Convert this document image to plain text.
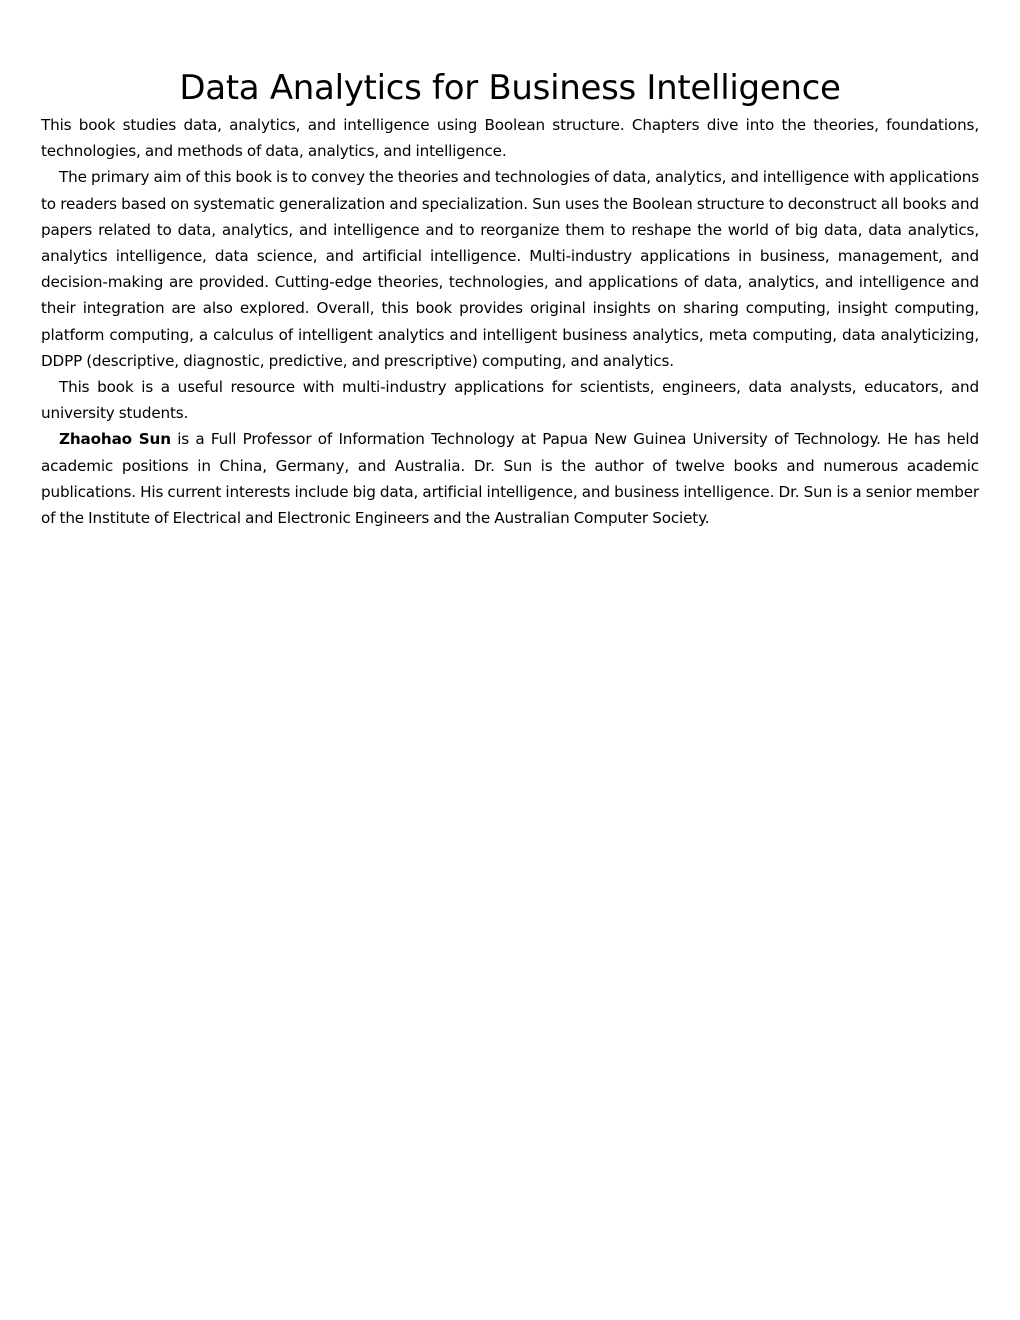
Data Analytics for Business Intelligence

This book studies data, analytics, and intelligence using Boolean structure. Chapters dive into the theories, foundations, technologies, and methods of data, analytics, and intelligence.

The primary aim of this book is to convey the theories and technologies of data, analytics, and intelligence with applications to readers based on systematic generalization and specialization. Sun uses the Boolean structure to deconstruct all books and papers related to data, analytics, and intelligence and to reorganize them to reshape the world of big data, data analytics, analytics intelligence, data science, and artificial intelligence. Multi-industry applications in business, management, and decision-making are provided. Cutting-edge theories, technologies, and applications of data, analytics, and intelligence and their integration are also explored. Overall, this book provides original insights on sharing computing, insight computing, platform computing, a calculus of intelligent analytics and intelligent business analytics, meta computing, data analyticizing, DDPP (descriptive, diagnostic, predictive, and prescriptive) computing, and analytics.

This book is a useful resource with multi-industry applications for scientists, engineers, data analysts, educators, and university students.

Zhaohao Sun is a Full Professor of Information Technology at Papua New Guinea University of Technology. He has held academic positions in China, Germany, and Australia. Dr. Sun is the author of twelve books and numerous academic publications. His current interests include big data, artificial intelligence, and business intelligence. Dr. Sun is a senior member of the Institute of Electrical and Electronic Engineers and the Australian Computer Society.
